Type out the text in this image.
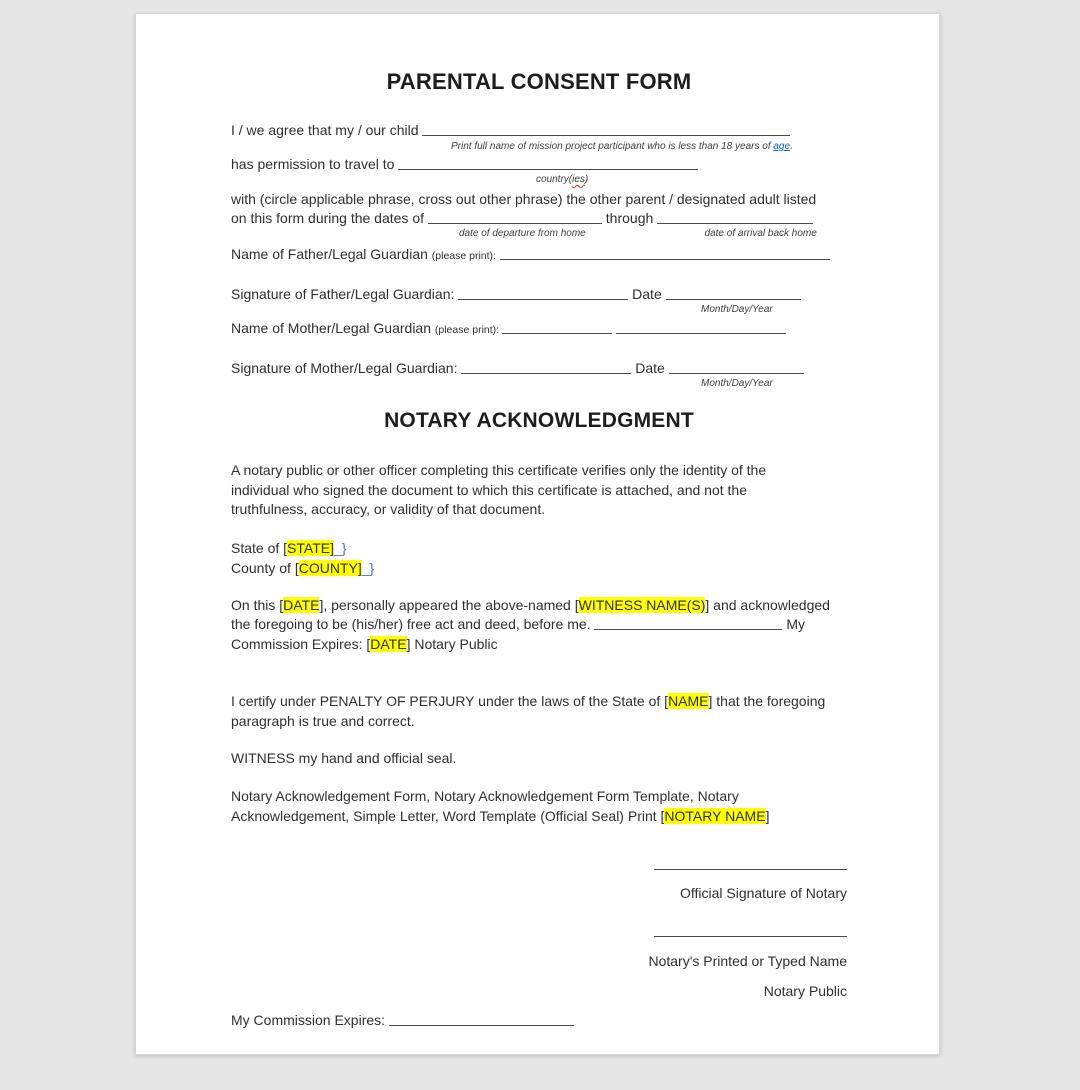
PARENTAL CONSENT FORM
I / we agree that my / our child
Print full name of mission project participant who is less than 18 years of age.
has permission to travel to
country(ies)
with (circle applicable phrase, cross out other phrase) the other parent / designated adult listed
on this form during the dates of	through
date of departure from home	date of arrival back home
Name of Father/Legal Guardian (please print):
Signature of Father/Legal Guardian:	Date
Month/Day/Year
Name of Mother/Legal Guardian (please print):
Signature of Mother/Legal Guardian:	Date
Month/Day/Year
NOTARY ACKNOWLEDGMENT
A notary public or other officer completing this certificate verifies only the identity of the
individual who signed the document to which this certificate is attached, and not the
truthfulness, accuracy, or validity of that document.
State of [STATE]_}
County of [COUNTY]_}
On this [DATE], personally appeared the above-named [WITNESS NAME(S)] and acknowledged
the foregoing to be (his/her) free act and deed, before me.	My
Commission Expires: [DATE] Notary Public
I certify under PENALTY OF PERJURY under the laws of the State of [NAME] that the foregoing
paragraph is true and correct.
WITNESS my hand and official seal.
Notary Acknowledgement Form, Notary Acknowledgement Form Template, Notary
Acknowledgement, Simple Letter, Word Template (Official Seal) Print [NOTARY NAME]
Official Signature of Notary
Notary's Printed or Typed Name
Notary Public
My Commission Expires:
